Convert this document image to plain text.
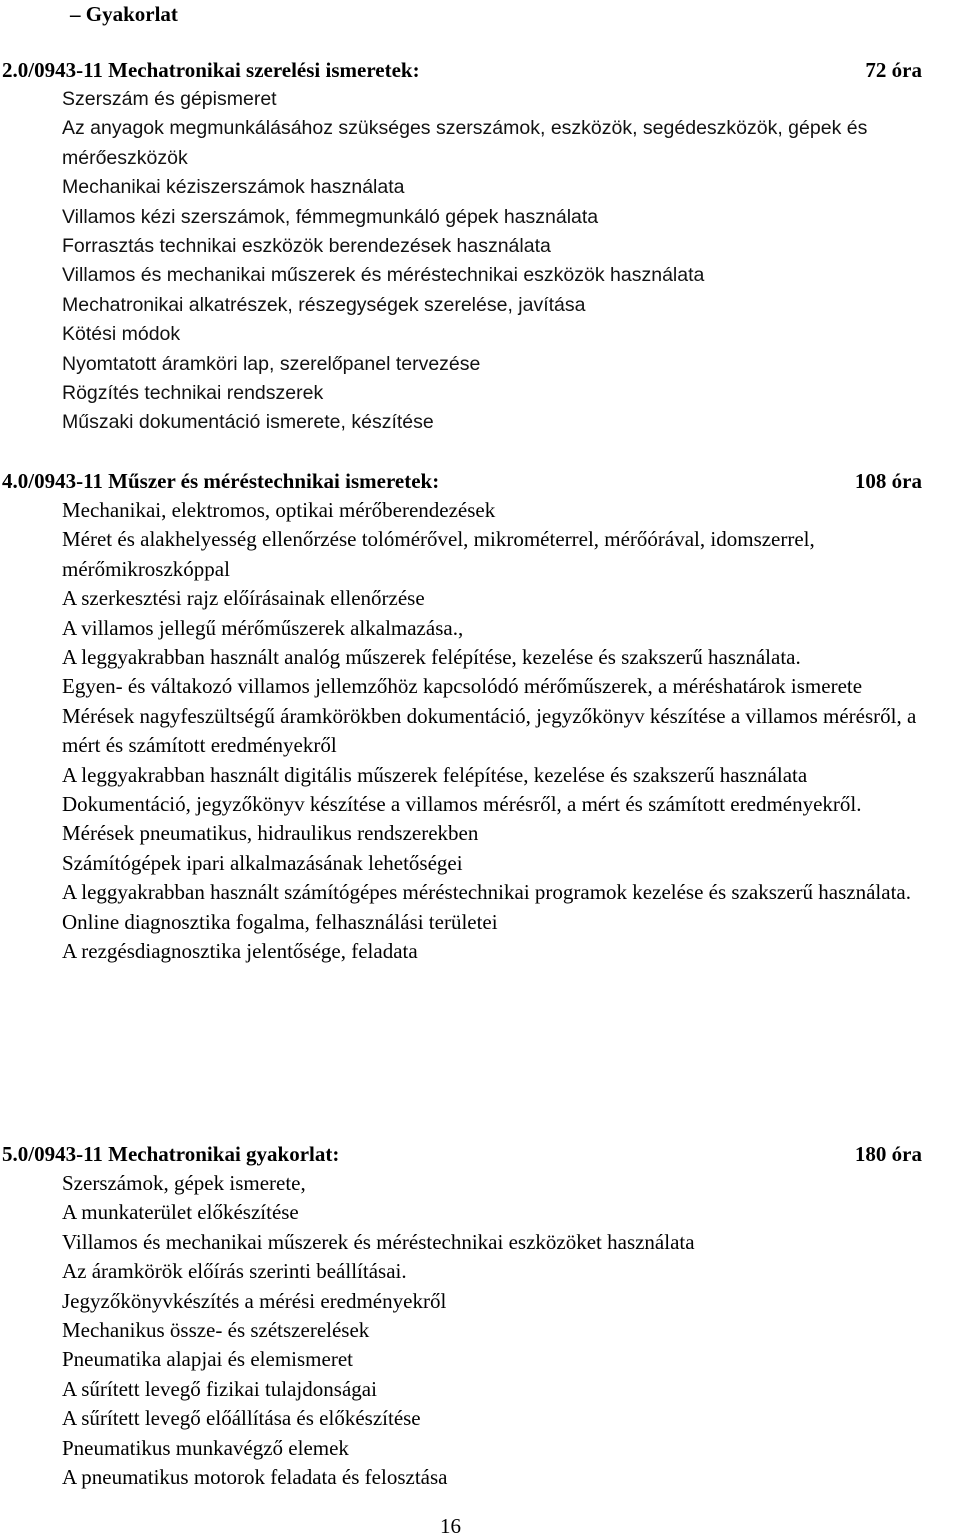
– Gyakorlat
2.0/0943-11 Mechatronikai szerelési ismeretek:	72 óra
Szerszám és gépismeret
Az anyagok megmunkálásához szükséges szerszámok, eszközök, segédeszközök, gépek és mérőeszközök
Mechanikai kéziszerszámok használata
Villamos kézi szerszámok, fémmegmunkáló gépek használata
Forrasztás technikai eszközök berendezések használata
Villamos és mechanikai műszerek és méréstechnikai eszközök használata
Mechatronikai alkatrészek, részegységek szerelése, javítása
Kötési módok
Nyomtatott áramköri lap, szerelőpanel tervezése
Rögzítés technikai rendszerek
Műszaki dokumentáció ismerete, készítése
4.0/0943-11 Műszer és méréstechnikai ismeretek:	108 óra
Mechanikai, elektromos, optikai mérőberendezések
Méret és alakhelyesség ellenőrzése tolómérővel, mikrométerrel, mérőórával, idomszerrel, mérőmikroszkóppal
A szerkesztési rajz előírásainak ellenőrzése
A villamos jellegű mérőműszerek alkalmazása.,
A leggyakrabban használt analóg műszerek felépítése, kezelése és szakszerű használata.
Egyen- és váltakozó villamos jellemzőhöz kapcsolódó mérőműszerek, a méréshatárok ismerete
Mérések nagyfeszültségű áramkörökben dokumentáció, jegyzőkönyv készítése a villamos mérésről, a mért és számított eredményekről
A leggyakrabban használt digitális műszerek felépítése, kezelése és szakszerű használata
Dokumentáció, jegyzőkönyv készítése a villamos mérésről, a mért és számított eredményekről.
Mérések pneumatikus, hidraulikus rendszerekben
Számítógépek ipari alkalmazásának lehetőségei
A leggyakrabban használt számítógépes méréstechnikai programok kezelése és szakszerű használata.
Online diagnosztika fogalma, felhasználási területei
A rezgésdiagnosztika jelentősége, feladata
5.0/0943-11 Mechatronikai gyakorlat:	180 óra
Szerszámok, gépek ismerete,
A munkaterület előkészítése
Villamos és mechanikai műszerek és méréstechnikai eszközöket használata
Az áramkörök előírás szerinti beállításai.
Jegyzőkönyvkészítés a mérési eredményekről
Mechanikus össze- és szétszerelések
Pneumatika alapjai és elemismeret
A sűrített levegő fizikai tulajdonságai
A sűrített levegő előállítása és előkészítése
Pneumatikus munkavégző elemek
A pneumatikus motorok feladata és felosztása
16
